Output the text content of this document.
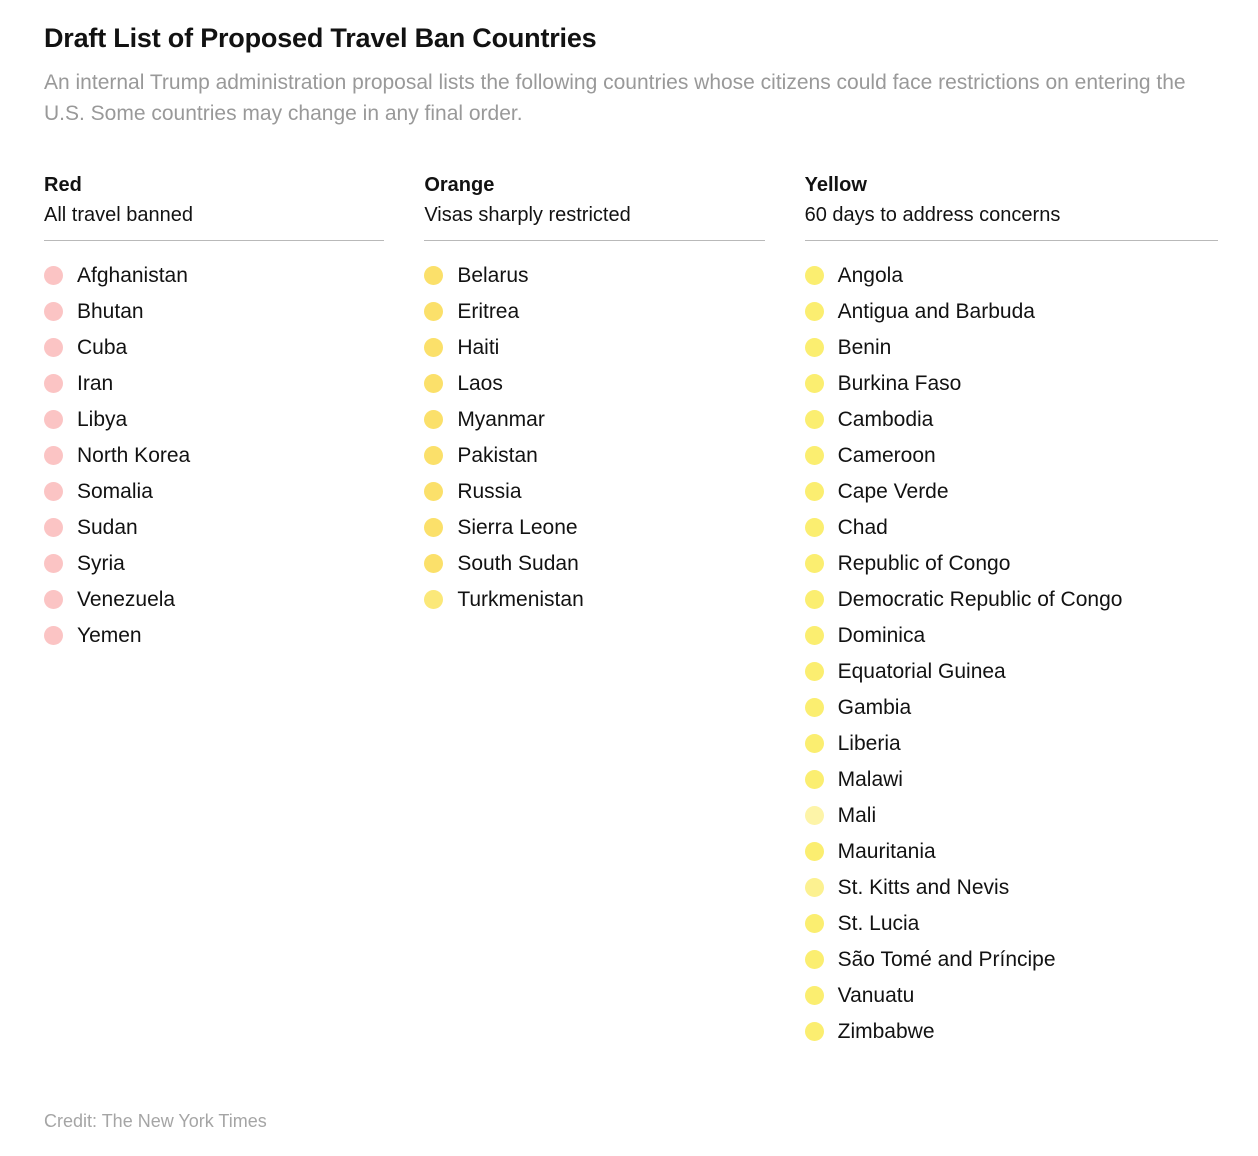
Draft List of Proposed Travel Ban Countries

An internal Trump administration proposal lists the following countries whose citizens could face restrictions on entering the U.S. Some countries may change in any final order.

Red
All travel banned
Afghanistan
Bhutan
Cuba
Iran
Libya
North Korea
Somalia
Sudan
Syria
Venezuela
Yemen
Orange
Visas sharply restricted
Belarus
Eritrea
Haiti
Laos
Myanmar
Pakistan
Russia
Sierra Leone
South Sudan
Turkmenistan
Yellow
60 days to address concerns
Angola
Antigua and Barbuda
Benin
Burkina Faso
Cambodia
Cameroon
Cape Verde
Chad
Republic of Congo
Democratic Republic of Congo
Dominica
Equatorial Guinea
Gambia
Liberia
Malawi
Mali
Mauritania
St. Kitts and Nevis
St. Lucia
São Tomé and Príncipe
Vanuatu
Zimbabwe
Credit: The New York Times
